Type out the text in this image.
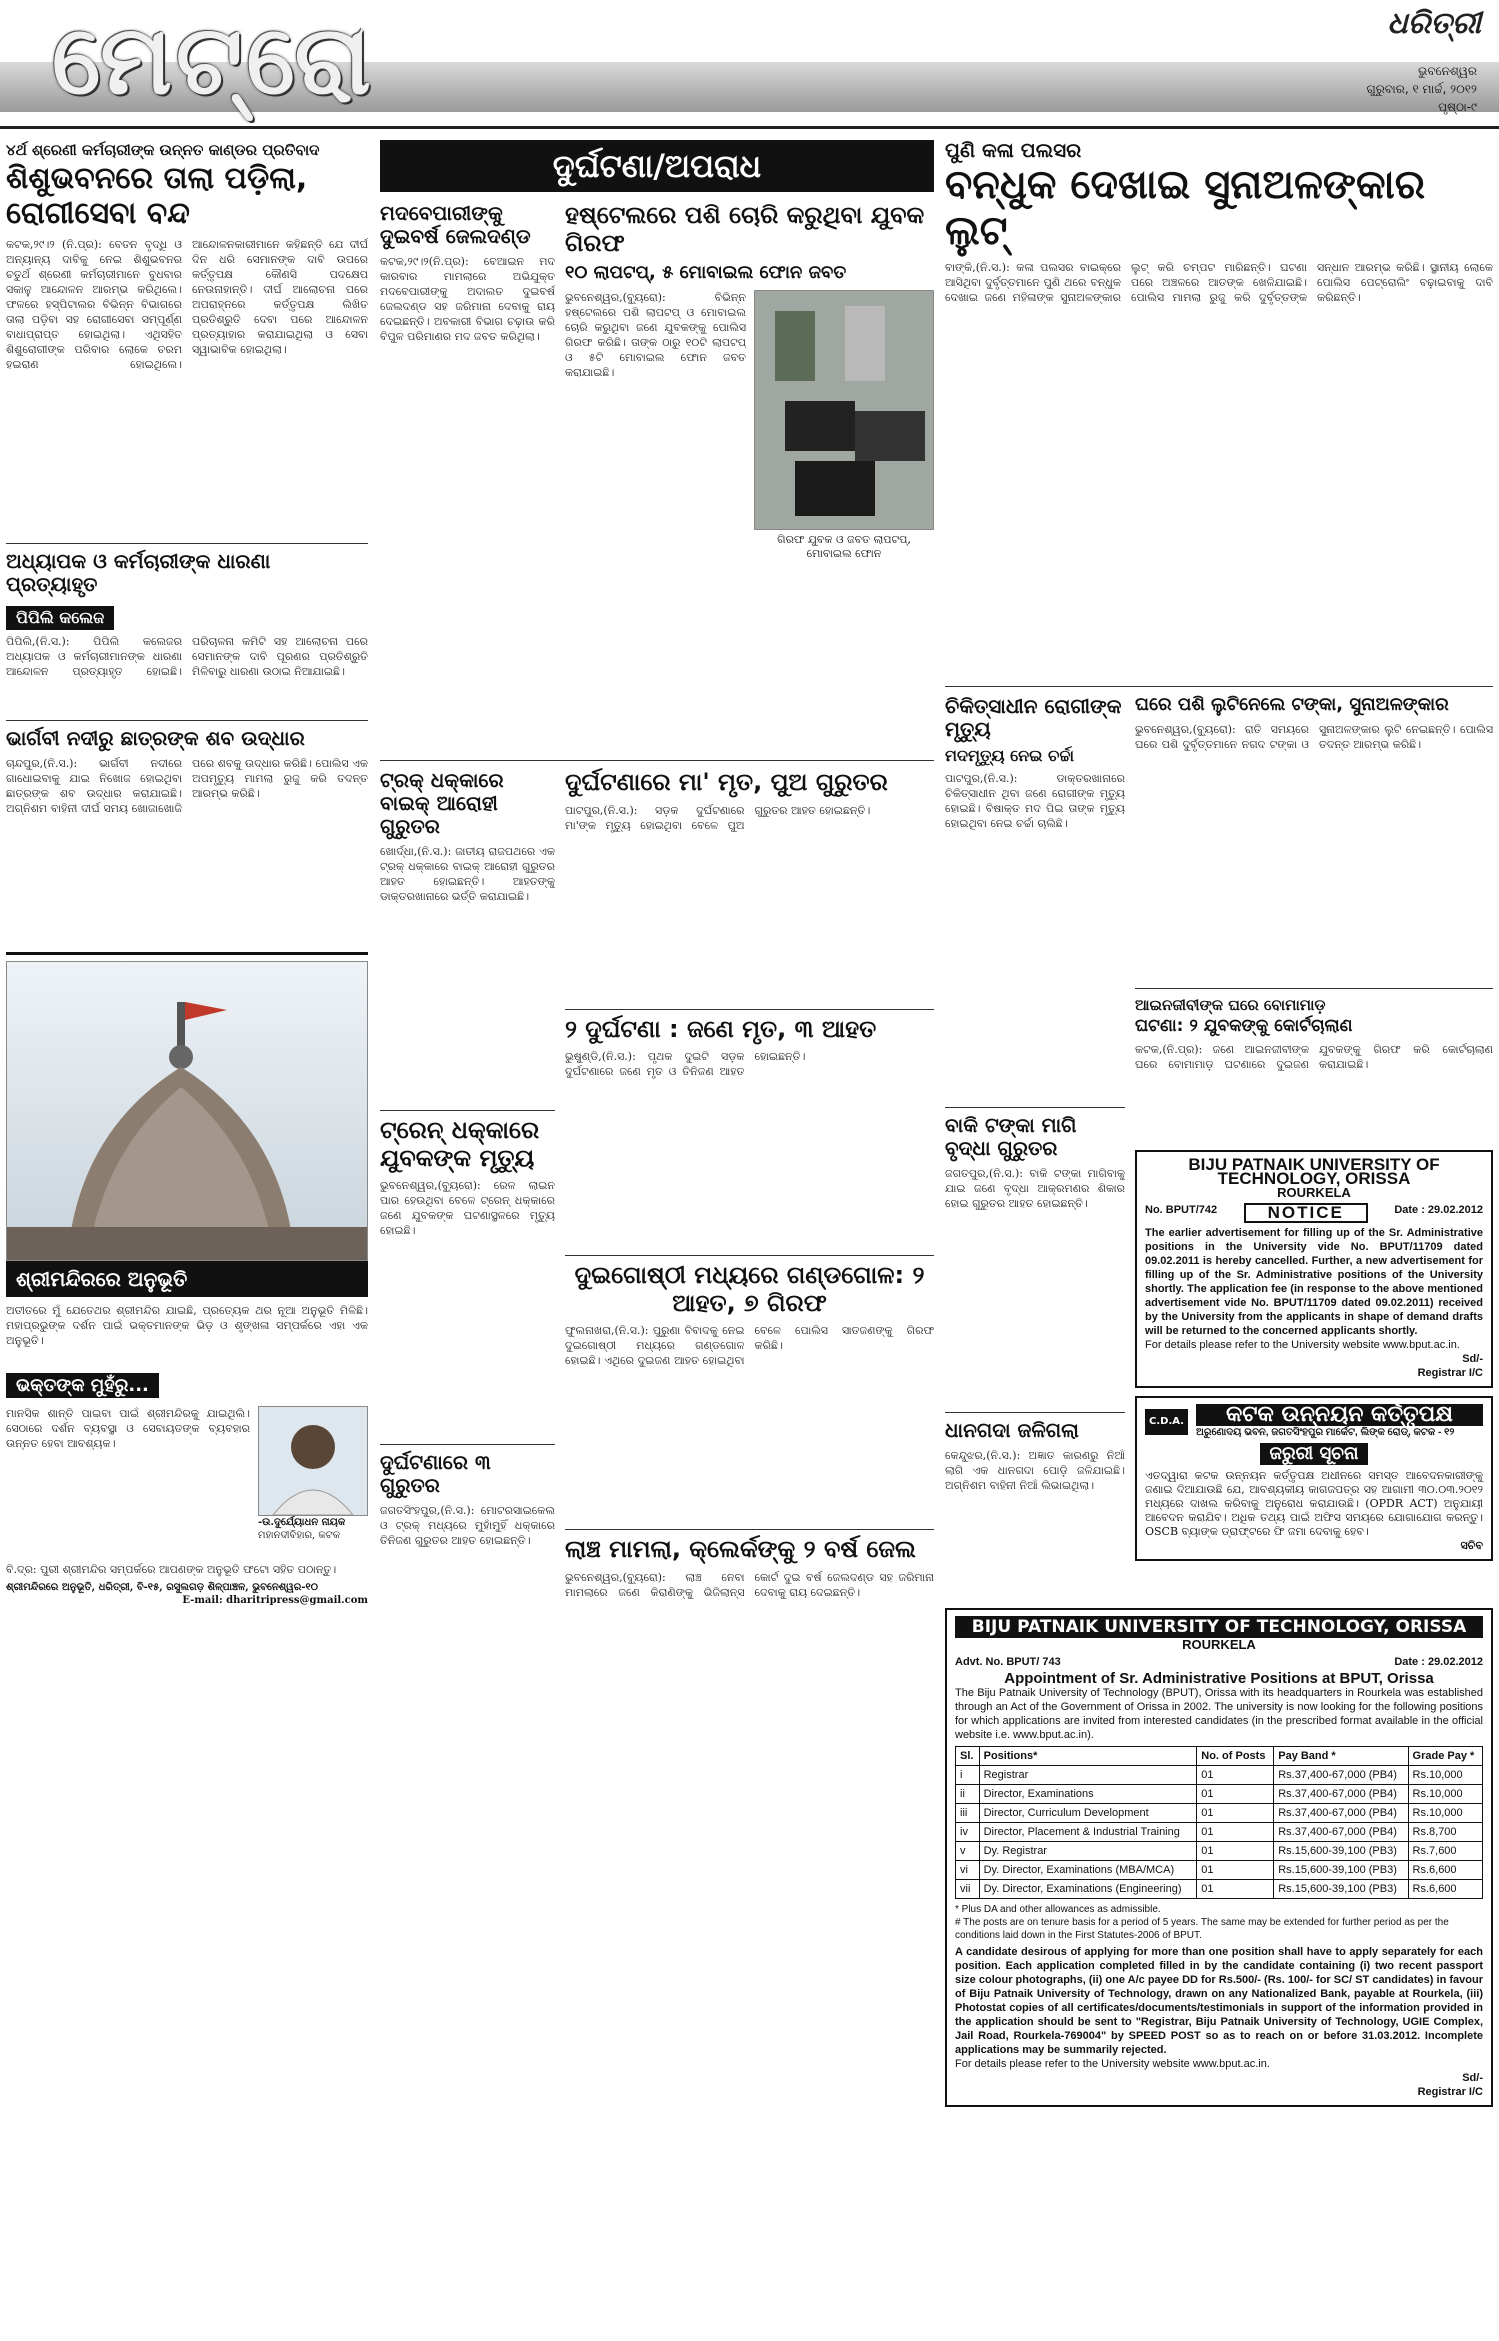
ମେଟ୍ରୋ	ଧରିତ୍ରୀ
ଭୁବନେଶ୍ୱର
ଗୁରୁବାର, ୧ ମାର୍ଚ୍ଚ, ୨୦୧୨
ପୃଷ୍ଠା-୯
୪ର୍ଥ ଶ୍ରେଣୀ କର୍ମଚାରୀଙ୍କ ଉନ୍ନତ କାଣ୍ଡର ପ୍ରତିବାଦ
ଶିଶୁଭବନରେ ତାଲା ପଡ଼ିଲା, ରୋଗୀସେବା ବନ୍ଦ
କଟକ,୨୯।୨ (ନି.ପ୍ର): ବେତନ ବୃଦ୍ଧି ଓ ଅନ୍ୟାନ୍ୟ ଦାବିକୁ ନେଇ ଶିଶୁଭବନର ଚତୁର୍ଥ ଶ୍ରେଣୀ କର୍ମଚାରୀମାନେ ବୁଧବାର ସକାଳୁ ଆନ୍ଦୋଳନ ଆରମ୍ଭ କରିଥିଲେ। ଫଳରେ ହସ୍ପିଟାଲର ବିଭିନ୍ନ ବିଭାଗରେ ତାଲା ପଡ଼ିବା ସହ ରୋଗୀସେବା ସମ୍ପୂର୍ଣ୍ଣ ବାଧାପ୍ରାପ୍ତ ହୋଇଥିଲା। ଏଥିସହିତ ଶିଶୁରୋଗୀଙ୍କ ପରିବାର ଲୋକେ ଚରମ ହଇରାଣ ହୋଇଥିଲେ। ଆନ୍ଦୋଳନକାରୀମାନେ କହିଛନ୍ତି ଯେ ଦୀର୍ଘ ଦିନ ଧରି ସେମାନଙ୍କ ଦାବି ଉପରେ କର୍ତ୍ତୃପକ୍ଷ କୌଣସି ପଦକ୍ଷେପ ନେଉନାହାନ୍ତି। ଦୀର୍ଘ ଆଲୋଚନା ପରେ ଅପରାହ୍ନରେ କର୍ତ୍ତୃପକ୍ଷ ଲିଖିତ ପ୍ରତିଶ୍ରୁତି ଦେବା ପରେ ଆନ୍ଦୋଳନ ପ୍ରତ୍ୟାହାର କରାଯାଇଥିଲା ଓ ସେବା ସ୍ୱାଭାବିକ ହୋଇଥିଲା।
ଅଧ୍ୟାପକ ଓ କର୍ମଚାରୀଙ୍କ ଧାରଣା ପ୍ରତ୍ୟାହୃତ
ପିପିଲି କଲେଜ
ପିପିଲି,(ନି.ସ.): ପିପିଲି କଲେଜର ଅଧ୍ୟାପକ ଓ କର୍ମଚାରୀମାନଙ୍କ ଧାରଣା ଆନ୍ଦୋଳନ ପ୍ରତ୍ୟାହୃତ ହୋଇଛି। ପରିଚାଳନା କମିଟି ସହ ଆଲୋଚନା ପରେ ସେମାନଙ୍କ ଦାବି ପୂରଣର ପ୍ରତିଶ୍ରୁତି ମିଳିବାରୁ ଧାରଣା ଉଠାଇ ନିଆଯାଇଛି।
ଭାର୍ଗବୀ ନଦୀରୁ ଛାତ୍ରଙ୍କ ଶବ ଉଦ୍ଧାର
ଚାନ୍ଦପୁର,(ନି.ସ.): ଭାର୍ଗବୀ ନଦୀରେ ଗାଧୋଇବାକୁ ଯାଇ ନିଖୋଜ ହୋଇଥିବା ଛାତ୍ରଙ୍କ ଶବ ଉଦ୍ଧାର କରାଯାଇଛି। ଅଗ୍ନିଶମ ବାହିନୀ ଦୀର୍ଘ ସମୟ ଖୋଜାଖୋଜି ପରେ ଶବକୁ ଉଦ୍ଧାର କରିଛି। ପୋଲିସ ଏକ ଅପମୃତ୍ୟୁ ମାମଲା ରୁଜୁ କରି ତଦନ୍ତ ଆରମ୍ଭ କରିଛି।
ଶ୍ରୀମନ୍ଦିରରେ ଅନୁଭୂତି
ଅତୀତରେ ମୁଁ ଯେତେଥର ଶ୍ରୀମନ୍ଦିର ଯାଇଛି, ପ୍ରତ୍ୟେକ ଥର ନୂଆ ଅନୁଭୂତି ମିଳିଛି। ମହାପ୍ରଭୁଙ୍କ ଦର୍ଶନ ପାଇଁ ଭକ୍ତମାନଙ୍କ ଭିଡ଼ ଓ ଶୃଙ୍ଖଳା ସମ୍ପର୍କରେ ଏହା ଏକ ଅନୁଭୂତି।
ଭକ୍ତଙ୍କ ମୁହଁରୁ...
ମାନସିକ ଶାନ୍ତି ପାଇବା ପାଇଁ ଶ୍ରୀମନ୍ଦିରକୁ ଯାଇଥିଲି। ସେଠାରେ ଦର୍ଶନ ବ୍ୟବସ୍ଥା ଓ ସେବାୟତଙ୍କ ବ୍ୟବହାର ଉନ୍ନତ ହେବା ଆବଶ୍ୟକ।
-ଉ.ଦୁର୍ଯ୍ୟୋଧନ ନାୟକ
ମହାନଦୀବିହାର, କଟକ
ବି.ଦ୍ର: ପୁରୀ ଶ୍ରୀମନ୍ଦିର ସମ୍ପର୍କରେ ଆପଣଙ୍କ ଅନୁଭୂତି ଫଟୋ ସହିତ ପଠାନ୍ତୁ।
ଶ୍ରୀମନ୍ଦିରରେ ଅନୁଭୂତି, ଧରିତ୍ରୀ, ବି-୧୫, ରସୁଲଗଡ଼ ଶିଳ୍ପାଞ୍ଚଳ, ଭୁବନେଶ୍ୱର-୧୦
E-mail: dharitripress@gmail.com
ଦୁର୍ଘଟଣା/ଅପରାଧ
ମଦବେପାରୀଙ୍କୁ ଦୁଇବର୍ଷ ଜେଲଦଣ୍ଡ
କଟକ,୨୯।୨(ନି.ପ୍ର): ବେଆଇନ ମଦ କାରବାର ମାମଲାରେ ଅଭିଯୁକ୍ତ ମଦବେପାରୀଙ୍କୁ ଅଦାଲତ ଦୁଇବର୍ଷ ଜେଲଦଣ୍ଡ ସହ ଜରିମାନା ଦେବାକୁ ରାୟ ଦେଇଛନ୍ତି। ଅବକାରୀ ବିଭାଗ ଚଢ଼ାଉ କରି ବିପୁଳ ପରିମାଣର ମଦ ଜବତ କରିଥିଲା।
ହଷ୍ଟେଲରେ ପଶି ଚୋରି କରୁଥିବା ଯୁବକ ଗିରଫ
୧୦ ଲାପଟପ୍, ୫ ମୋବାଇଲ ଫୋନ ଜବତ
ଭୁବନେଶ୍ୱର,(ବ୍ୟୁରୋ): ବିଭିନ୍ନ ହଷ୍ଟେଲରେ ପଶି ଲାପଟପ୍ ଓ ମୋବାଇଲ ଚୋରି କରୁଥିବା ଜଣେ ଯୁବକଙ୍କୁ ପୋଲିସ ଗିରଫ କରିଛି। ତାଙ୍କ ଠାରୁ ୧୦ଟି ଲାପଟପ୍ ଓ ୫ଟି ମୋବାଇଲ ଫୋନ ଜବତ କରାଯାଇଛି।
ଗିରଫ ଯୁବକ ଓ ଜବତ ଲାପଟପ୍, ମୋବାଇଲ ଫୋନ
ଟ୍ରକ୍ ଧକ୍କାରେ ବାଇକ୍ ଆରୋହୀ ଗୁରୁତର
ଖୋର୍ଦ୍ଧା,(ନି.ସ.): ଜାତୀୟ ରାଜପଥରେ ଏକ ଟ୍ରକ୍ ଧକ୍କାରେ ବାଇକ୍ ଆରୋହୀ ଗୁରୁତର ଆହତ ହୋଇଛନ୍ତି। ଆହତଙ୍କୁ ଡାକ୍ତରଖାନାରେ ଭର୍ତ୍ତି କରାଯାଇଛି।
ଟ୍ରେନ୍ ଧକ୍କାରେ ଯୁବକଙ୍କ ମୃତ୍ୟୁ
ଭୁବନେଶ୍ୱର,(ବ୍ୟୁରୋ): ରେଳ ଲାଇନ ପାର ହେଉଥିବା ବେଳେ ଟ୍ରେନ୍ ଧକ୍କାରେ ଜଣେ ଯୁବକଙ୍କ ଘଟଣାସ୍ଥଳରେ ମୃତ୍ୟୁ ହୋଇଛି।
ଦୁର୍ଘଟଣାରେ ୩ ଗୁରୁତର
ଜଗତସିଂହପୁର,(ନି.ସ.): ମୋଟରସାଇକେଲ ଓ ଟ୍ରକ୍ ମଧ୍ୟରେ ମୁହାଁମୁହିଁ ଧକ୍କାରେ ତିନିଜଣ ଗୁରୁତର ଆହତ ହୋଇଛନ୍ତି।
ଦୁର୍ଘଟଣାରେ ମା' ମୃତ, ପୁଅ ଗୁରୁତର
ପାଟପୁର,(ନି.ସ.): ସଡ଼କ ଦୁର୍ଘଟଣାରେ ମା'ଙ୍କ ମୃତ୍ୟୁ ହୋଇଥିବା ବେଳେ ପୁଅ ଗୁରୁତର ଆହତ ହୋଇଛନ୍ତି।
୨ ଦୁର୍ଘଟଣା : ଜଣେ ମୃତ, ୩ ଆହତ
ଭୁଷୁଣ୍ଡି,(ନି.ସ.): ପୃଥକ ଦୁଇଟି ସଡ଼କ ଦୁର୍ଘଟଣାରେ ଜଣେ ମୃତ ଓ ତିନିଜଣ ଆହତ ହୋଇଛନ୍ତି।
ଦୁଇଗୋଷ୍ଠୀ ମଧ୍ୟରେ ଗଣ୍ଡଗୋଳ: ୨ ଆହତ, ୭ ଗିରଫ
ଫୁଲନାଖରା,(ନି.ସ.): ପୁରୁଣା ବିବାଦକୁ ନେଇ ଦୁଇଗୋଷ୍ଠୀ ମଧ୍ୟରେ ଗଣ୍ଡଗୋଳ ହୋଇଛି। ଏଥିରେ ଦୁଇଜଣ ଆହତ ହୋଇଥିବା ବେଳେ ପୋଲିସ ସାତଜଣଙ୍କୁ ଗିରଫ କରିଛି।
ଲାଞ୍ଚ ମାମଲା, କ୍ଲେର୍କଙ୍କୁ ୨ ବର୍ଷ ଜେଲ
ଭୁବନେଶ୍ୱର,(ବ୍ୟୁରୋ): ଲାଞ୍ଚ ନେବା ମାମଲାରେ ଜଣେ କିରାଣିଙ୍କୁ ଭିଜିଲାନ୍ସ କୋର୍ଟ ଦୁଇ ବର୍ଷ ଜେଲଦଣ୍ଡ ସହ ଜରିମାନା ଦେବାକୁ ରାୟ ଦେଇଛନ୍ତି।
ପୁଣି କଳା ପଲସର
ବନ୍ଧୁକ ଦେଖାଇ ସୁନାଅଳଙ୍କାର ଲୁଟ୍
ବାଙ୍କି,(ନି.ସ.): କଳା ପଲସର ବାଇକ୍‌ରେ ଆସିଥିବା ଦୁର୍ବୃତ୍ତମାନେ ପୁଣି ଥରେ ବନ୍ଧୁକ ଦେଖାଇ ଜଣେ ମହିଳାଙ୍କ ସୁନାଅଳଙ୍କାର ଲୁଟ୍ କରି ଚମ୍ପଟ ମାରିଛନ୍ତି। ଘଟଣା ପରେ ଅଞ୍ଚଳରେ ଆତଙ୍କ ଖେଳିଯାଇଛି। ପୋଲିସ ମାମଲା ରୁଜୁ କରି ଦୁର୍ବୃତ୍ତଙ୍କ ସନ୍ଧାନ ଆରମ୍ଭ କରିଛି। ସ୍ଥାନୀୟ ଲୋକେ ପୋଲିସ ପେଟ୍ରୋଲିଂ ବଢ଼ାଇବାକୁ ଦାବି କରିଛନ୍ତି।
ଚିକିତ୍ସାଧୀନ ରୋଗୀଙ୍କ ମୃତ୍ୟୁ
ମଦମୃତ୍ୟୁ ନେଇ ଚର୍ଚ୍ଚା
ପାଟପୁର,(ନି.ସ.): ଡାକ୍ତରଖାନାରେ ଚିକିତ୍ସାଧୀନ ଥିବା ଜଣେ ରୋଗୀଙ୍କ ମୃତ୍ୟୁ ହୋଇଛି। ବିଷାକ୍ତ ମଦ ପିଇ ତାଙ୍କ ମୃତ୍ୟୁ ହୋଇଥିବା ନେଇ ଚର୍ଚ୍ଚା ଚାଲିଛି।
ବାକି ଟଙ୍କା ମାଗି ବୃଦ୍ଧା ଗୁରୁତର
ଜଗତପୁର,(ନି.ସ.): ବାକି ଟଙ୍କା ମାଗିବାକୁ ଯାଇ ଜଣେ ବୃଦ୍ଧା ଆକ୍ରମଣର ଶିକାର ହୋଇ ଗୁରୁତର ଆହତ ହୋଇଛନ୍ତି।
ଧାନଗଦା ଜଳିଗଲା
କେନ୍ଦୁଝର,(ନି.ସ.): ଅଜ୍ଞାତ କାରଣରୁ ନିଆଁ ଲାଗି ଏକ ଧାନଗଦା ପୋଡ଼ି ଜଳିଯାଇଛି। ଅଗ୍ନିଶମ ବାହିନୀ ନିଆଁ ଲିଭାଇଥିଲା।
ଘରେ ପଶି ଲୁଟିନେଲେ ଟଙ୍କା, ସୁନାଅଳଙ୍କାର
ଭୁବନେଶ୍ୱର,(ବ୍ୟୁରୋ): ରାତି ସମୟରେ ଘରେ ପଶି ଦୁର୍ବୃତ୍ତମାନେ ନଗଦ ଟଙ୍କା ଓ ସୁନାଅଳଙ୍କାର ଲୁଟି ନେଇଛନ୍ତି। ପୋଲିସ ତଦନ୍ତ ଆରମ୍ଭ କରିଛି।
ଆଇନଜୀବୀଙ୍କ ଘରେ ବୋମାମାଡ଼
ଘଟଣା: ୨ ଯୁବକଙ୍କୁ କୋର୍ଟଚାଲାଣ
କଟକ,(ନି.ପ୍ର): ଜଣେ ଆଇନଜୀବୀଙ୍କ ଘରେ ବୋମାମାଡ଼ ଘଟଣାରେ ଦୁଇଜଣ ଯୁବକଙ୍କୁ ଗିରଫ କରି କୋର୍ଟଚାଲାଣ କରାଯାଇଛି।
BIJU PATNAIK UNIVERSITY OF TECHNOLOGY, ORISSA
ROURKELA
No. BPUT/742	NOTICE	Date : 29.02.2012
The earlier advertisement for filling up of the Sr. Administrative positions in the University vide No. BPUT/11709 dated 09.02.2011 is hereby cancelled. Further, a new advertisement for filling up of the Sr. Administrative positions of the University shortly. The application fee (in response to the above mentioned advertisement vide No. BPUT/11709 dated 09.02.2011) received by the University from the applicants in shape of demand drafts will be returned to the concerned applicants shortly.
For details please refer to the University website www.bput.ac.in.
Sd/-
Registrar I/C
C.D.A.	କଟକ ଉନ୍ନୟନ କର୍ତ୍ତୃପକ୍ଷ
ଅରୁଣୋଦୟ ଭବନ, ଜଗତସିଂହପୁର ମାର୍କେଟ, ଲିଙ୍କ ରୋଡ୍, କଟକ - ୧୨
ଜରୁରୀ ସୂଚନା
ଏତଦ୍ୱାରା କଟକ ଉନ୍ନୟନ କର୍ତ୍ତୃପକ୍ଷ ଅଧୀନରେ ସମସ୍ତ ଆବେଦନକାରୀଙ୍କୁ ଜଣାଇ ଦିଆଯାଉଛି ଯେ, ଆବଶ୍ୟକୀୟ କାଗଜପତ୍ର ସହ ଆଗାମୀ ୩୦.୦୩.୨୦୧୨ ମଧ୍ୟରେ ଦାଖଲ କରିବାକୁ ଅନୁରୋଧ କରାଯାଉଛି। (OPDR ACT) ଅନୁଯାୟୀ ଆବେଦନ କରାଯିବ। ଅଧିକ ତଥ୍ୟ ପାଇଁ ଅଫିସ ସମୟରେ ଯୋଗାଯୋଗ କରନ୍ତୁ। OSCB ବ୍ୟାଙ୍କ ଡ୍ରାଫ୍ଟରେ ଫି ଜମା ଦେବାକୁ ହେବ।
ସଚିବ
BIJU PATNAIK UNIVERSITY OF TECHNOLOGY, ORISSA
ROURKELA
Advt. No. BPUT/ 743	Date : 29.02.2012
Appointment of Sr. Administrative Positions at BPUT, Orissa
The Biju Patnaik University of Technology (BPUT), Orissa with its headquarters in Rourkela was established through an Act of the Government of Orissa in 2002. The university is now looking for the following positions for which applications are invited from interested candidates (in the prescribed format available in the official website i.e. www.bput.ac.in).
Sl.	Positions*	No. of Posts	Pay Band *	Grade Pay *
i	Registrar	01	Rs.37,400-67,000 (PB4)	Rs.10,000
ii	Director, Examinations	01	Rs.37,400-67,000 (PB4)	Rs.10,000
iii	Director, Curriculum Development	01	Rs.37,400-67,000 (PB4)	Rs.10,000
iv	Director, Placement & Industrial Training	01	Rs.37,400-67,000 (PB4)	Rs.8,700
v	Dy. Registrar	01	Rs.15,600-39,100 (PB3)	Rs.7,600
vi	Dy. Director, Examinations (MBA/MCA)	01	Rs.15,600-39,100 (PB3)	Rs.6,600
vii	Dy. Director, Examinations (Engineering)	01	Rs.15,600-39,100 (PB3)	Rs.6,600
* Plus DA and other allowances as admissible.
# The posts are on tenure basis for a period of 5 years. The same may be extended for further period as per the conditions laid down in the First Statutes-2006 of BPUT.
A candidate desirous of applying for more than one position shall have to apply separately for each position. Each application completed filled in by the candidate containing (i) two recent passport size colour photographs, (ii) one A/c payee DD for Rs.500/- (Rs. 100/- for SC/ ST candidates) in favour of Biju Patnaik University of Technology, drawn on any Nationalized Bank, payable at Rourkela, (iii) Photostat copies of all certificates/documents/testimonials in support of the information provided in the application should be sent to "Registrar, Biju Patnaik University of Technology, UGIE Complex, Jail Road, Rourkela-769004" by SPEED POST so as to reach on or before 31.03.2012. Incomplete applications may be summarily rejected.
For details please refer to the University website www.bput.ac.in.
Sd/-
Registrar I/C
